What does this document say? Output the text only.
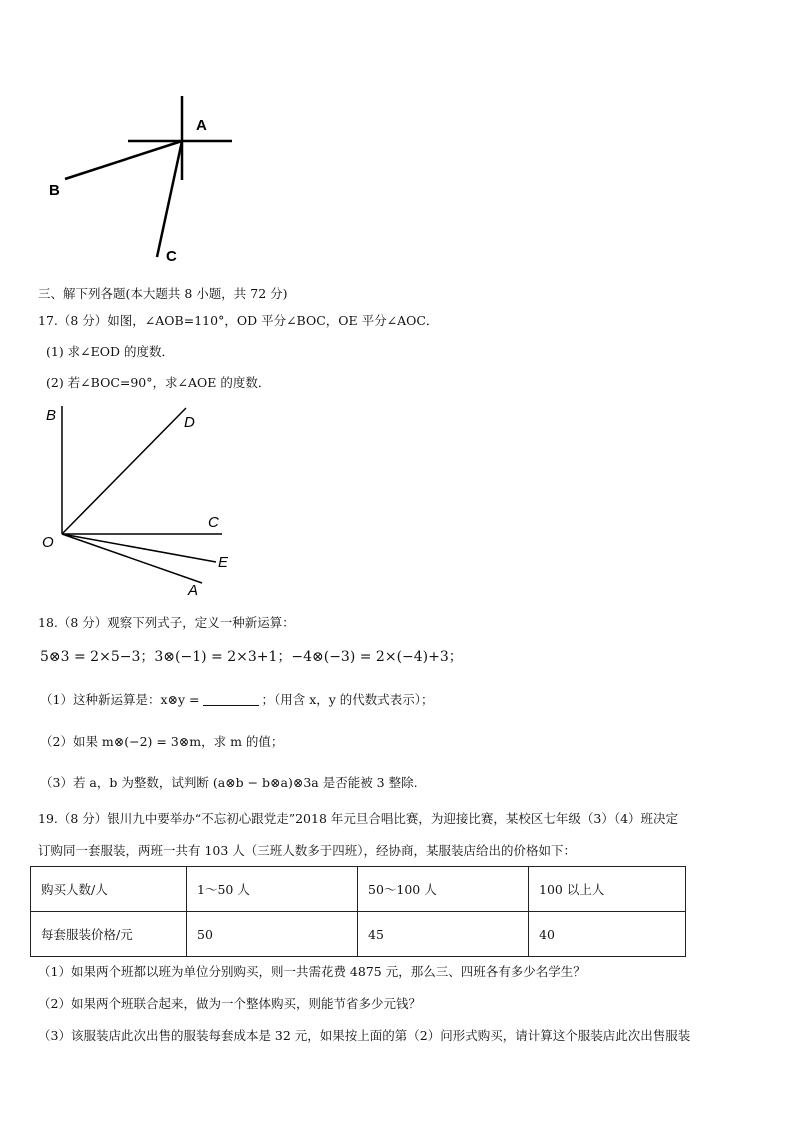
A
B
C
三、解下列各题(本大题共 8 小题，共 72 分)
17.（8 分）如图，∠AOB=110°，OD 平分∠BOC，OE 平分∠AOC．
(1) 求∠EOD 的度数．
(2) 若∠BOC=90°，求∠AOE 的度数．
B	D
C
O
E
A
18.（8 分）观察下列式子，定义一种新运算：
5⊗3 = 2×5−3；3⊗(−1) = 2×3+1；−4⊗(−3) = 2×(−4)+3；
（1）这种新运算是：x⊗y =	；（用含 x，y 的代数式表示）；
（2）如果 m⊗(−2) = 3⊗m，求 m 的值；
（3）若 a，b 为整数，试判断 (a⊗b − b⊗a)⊗3a 是否能被 3 整除.
19.（8 分）银川九中要举办“不忘初心跟党走”2018 年元旦合唱比赛，为迎接比赛，某校区七年级（3）（4）班决定
订购同一套服装，两班一共有 103 人（三班人数多于四班），经协商，某服装店给出的价格如下：
购买人数/人	1～50 人	50～100 人	100 以上人
每套服装价格/元	50	45	40
（1）如果两个班都以班为单位分别购买，则一共需花费 4875 元，那么三、四班各有多少名学生？
（2）如果两个班联合起来，做为一个整体购买，则能节省多少元钱？
（3）该服装店此次出售的服装每套成本是 32 元，如果按上面的第（2）问形式购买，请计算这个服装店此次出售服装
